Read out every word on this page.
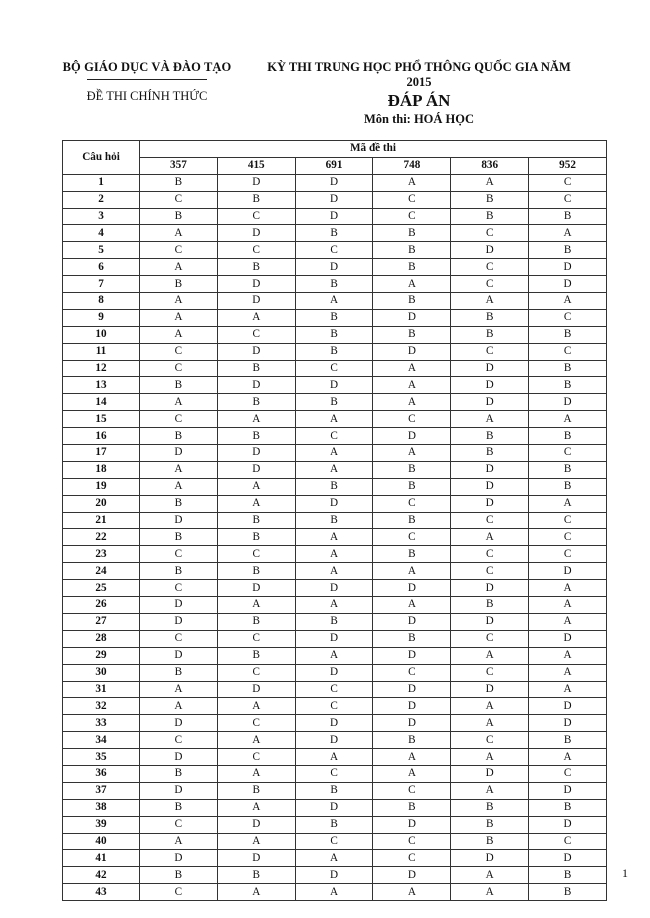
BỘ GIÁO DỤC VÀ ĐÀO TẠO
ĐỀ THI CHÍNH THỨC
KỲ THI TRUNG HỌC PHỔ THÔNG QUỐC GIA NĂM 2015
ĐÁP ÁN
Môn thi: HOÁ HỌC
Câu hỏi	Mã đề thi					
	357	415	691	748	836	952
1	B	D	D	A	A	C
2	C	B	D	C	B	C
3	B	C	D	C	B	B
4	A	D	B	B	C	A
5	C	C	C	B	D	B
6	A	B	D	B	C	D
7	B	D	B	A	C	D
8	A	D	A	B	A	A
9	A	A	B	D	B	C
10	A	C	B	B	B	B
11	C	D	B	D	C	C
12	C	B	C	A	D	B
13	B	D	D	A	D	B
14	A	B	B	A	D	D
15	C	A	A	C	A	A
16	B	B	C	D	B	B
17	D	D	A	A	B	C
18	A	D	A	B	D	B
19	A	A	B	B	D	B
20	B	A	D	C	D	A
21	D	B	B	B	C	C
22	B	B	A	C	A	C
23	C	C	A	B	C	C
24	B	B	A	A	C	D
25	C	D	D	D	D	A
26	D	A	A	A	B	A
27	D	B	B	D	D	A
28	C	C	D	B	C	D
29	D	B	A	D	A	A
30	B	C	D	C	C	A
31	A	D	C	D	D	A
32	A	A	C	D	A	D
33	D	C	D	D	A	D
34	C	A	D	B	C	B
35	D	C	A	A	A	A
36	B	A	C	A	D	C
37	D	B	B	C	A	D
38	B	A	D	B	B	B
39	C	D	B	D	B	D
40	A	A	C	C	B	C
41	D	D	A	C	D	D
42	B	B	D	D	A	B
43	C	A	A	A	A	B
1
